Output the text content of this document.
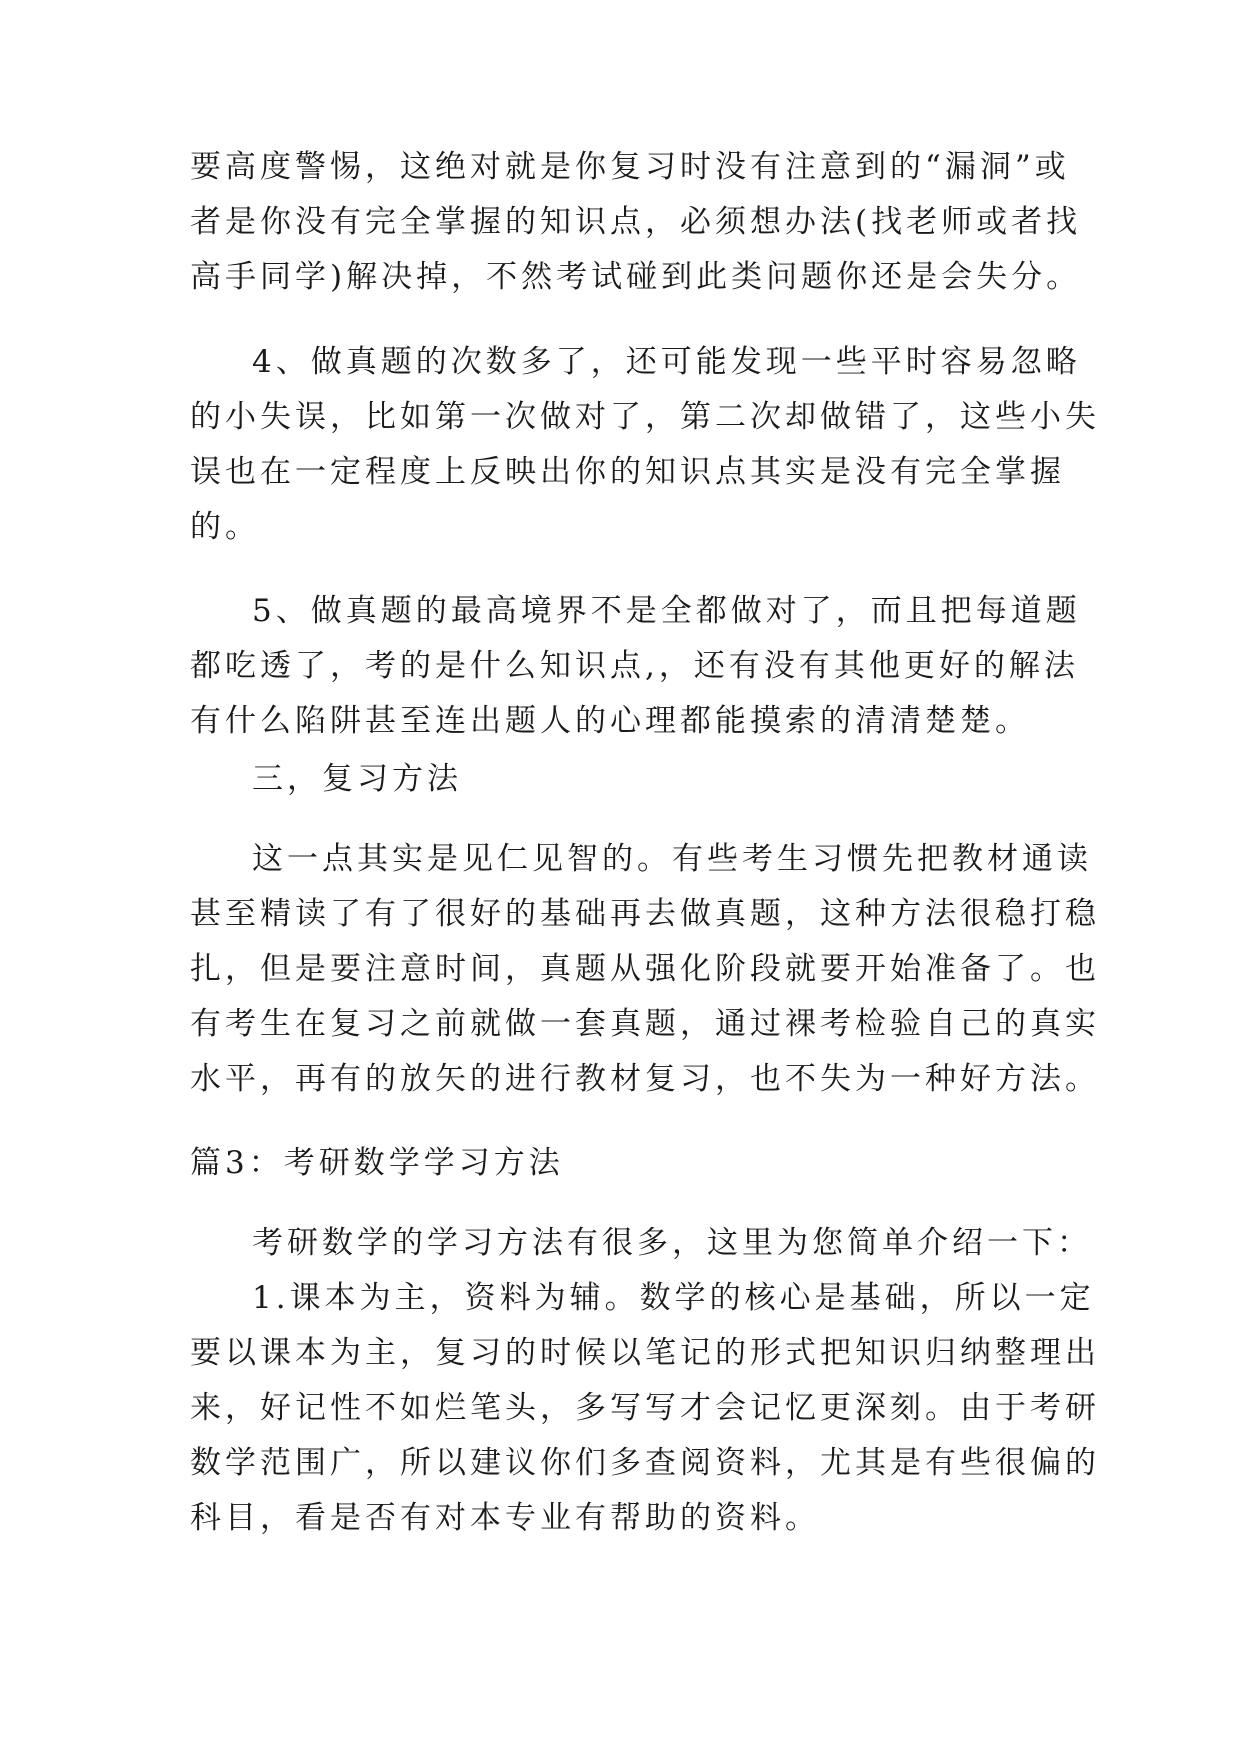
要高度警惕，这绝对就是你复习时没有注意到的“漏洞”或
者是你没有完全掌握的知识点，必须想办法(找老师或者找
高手同学)解决掉，不然考试碰到此类问题你还是会失分。
4、做真题的次数多了，还可能发现一些平时容易忽略
的小失误，比如第一次做对了，第二次却做错了，这些小失
误也在一定程度上反映出你的知识点其实是没有完全掌握
的。
5、做真题的最高境界不是全都做对了，而且把每道题
都吃透了，考的是什么知识点,，还有没有其他更好的解法
有什么陷阱甚至连出题人的心理都能摸索的清清楚楚。
三，复习方法
这一点其实是见仁见智的。有些考生习惯先把教材通读
甚至精读了有了很好的基础再去做真题，这种方法很稳打稳
扎，但是要注意时间，真题从强化阶段就要开始准备了。也
有考生在复习之前就做一套真题，通过裸考检验自己的真实
水平，再有的放矢的进行教材复习，也不失为一种好方法。
篇3：考研数学学习方法
考研数学的学习方法有很多，这里为您简单介绍一下：
1.课本为主，资料为辅。数学的核心是基础，所以一定
要以课本为主，复习的时候以笔记的形式把知识归纳整理出
来，好记性不如烂笔头，多写写才会记忆更深刻。由于考研
数学范围广，所以建议你们多查阅资料，尤其是有些很偏的
科目，看是否有对本专业有帮助的资料。
